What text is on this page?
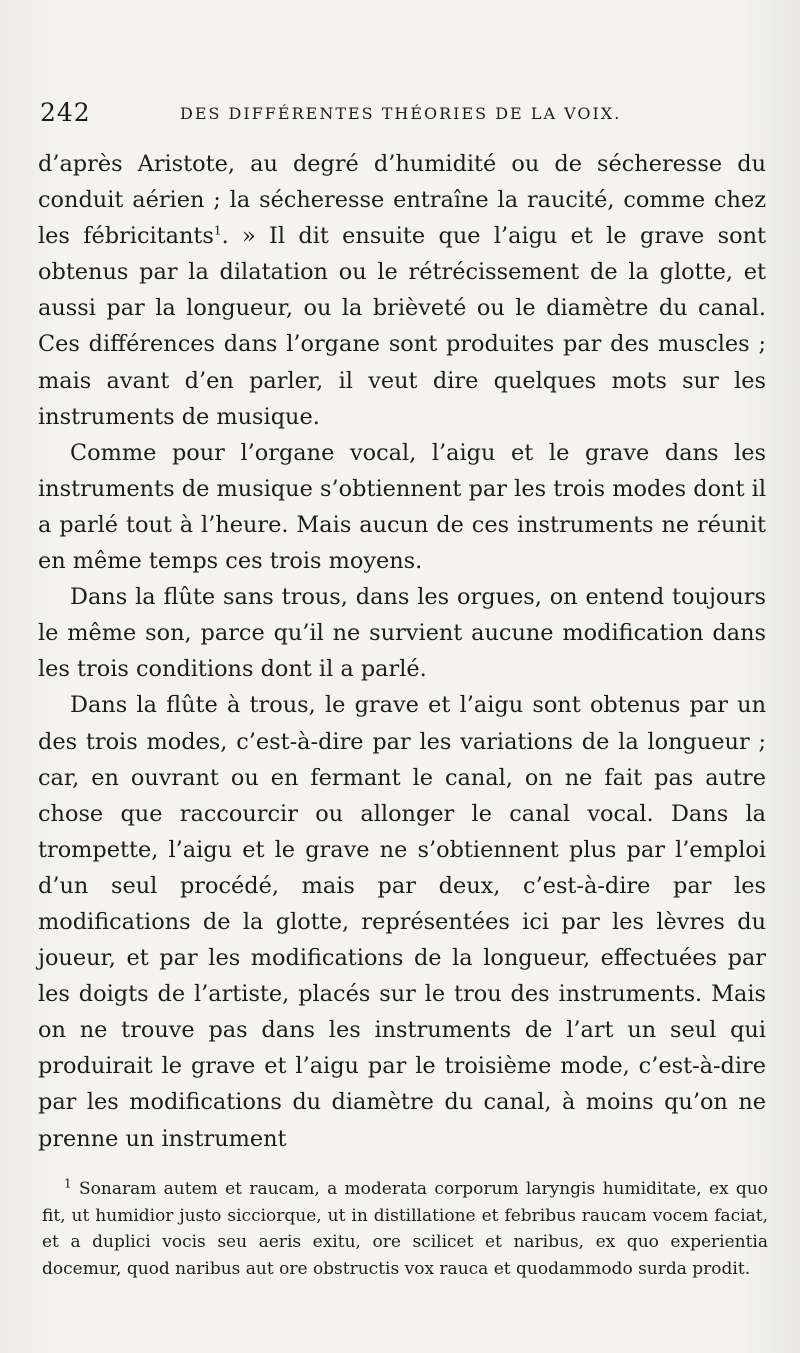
242	DES DIFFÉRENTES THÉORIES DE LA VOIX.

d’après Aristote, au degré d’humidité ou de sécheresse du conduit aérien ; la sécheresse entraîne la raucité, comme chez les fébricitants$^1$. » Il dit ensuite que l’aigu et le grave sont obtenus par la dilatation ou le rétrécissement de la glotte, et aussi par la longueur, ou la brièveté ou le diamètre du canal. Ces différences dans l’organe sont produites par des muscles ; mais avant d’en parler, il veut dire quelques mots sur les instruments de musique.

Comme pour l’organe vocal, l’aigu et le grave dans les instruments de musique s’obtiennent par les trois modes dont il a parlé tout à l’heure. Mais aucun de ces instruments ne réunit en même temps ces trois moyens.

Dans la flûte sans trous, dans les orgues, on entend toujours le même son, parce qu’il ne survient aucune modification dans les trois conditions dont il a parlé.

Dans la flûte à trous, le grave et l’aigu sont obtenus par un des trois modes, c’est-à-dire par les variations de la longueur ; car, en ouvrant ou en fermant le canal, on ne fait pas autre chose que raccourcir ou allonger le canal vocal. Dans la trompette, l’aigu et le grave ne s’obtiennent plus par l’emploi d’un seul procédé, mais par deux, c’est-à-dire par les modifications de la glotte, représentées ici par les lèvres du joueur, et par les modifications de la longueur, effectuées par les doigts de l’artiste, placés sur le trou des instruments. Mais on ne trouve pas dans les instruments de l’art un seul qui produirait le grave et l’aigu par le troisième mode, c’est-à-dire par les modifications du diamètre du canal, à moins qu’on ne prenne un instrument

$^1$ Sonaram autem et raucam, a moderata corporum laryngis humiditate, ex quo fit, ut humidior justo sicciorque, ut in distillatione et febribus raucam vocem faciat, et a duplici vocis seu aeris exitu, ore scilicet et naribus, ex quo experientia docemur, quod naribus aut ore obstructis vox rauca et quodammodo surda prodit.
